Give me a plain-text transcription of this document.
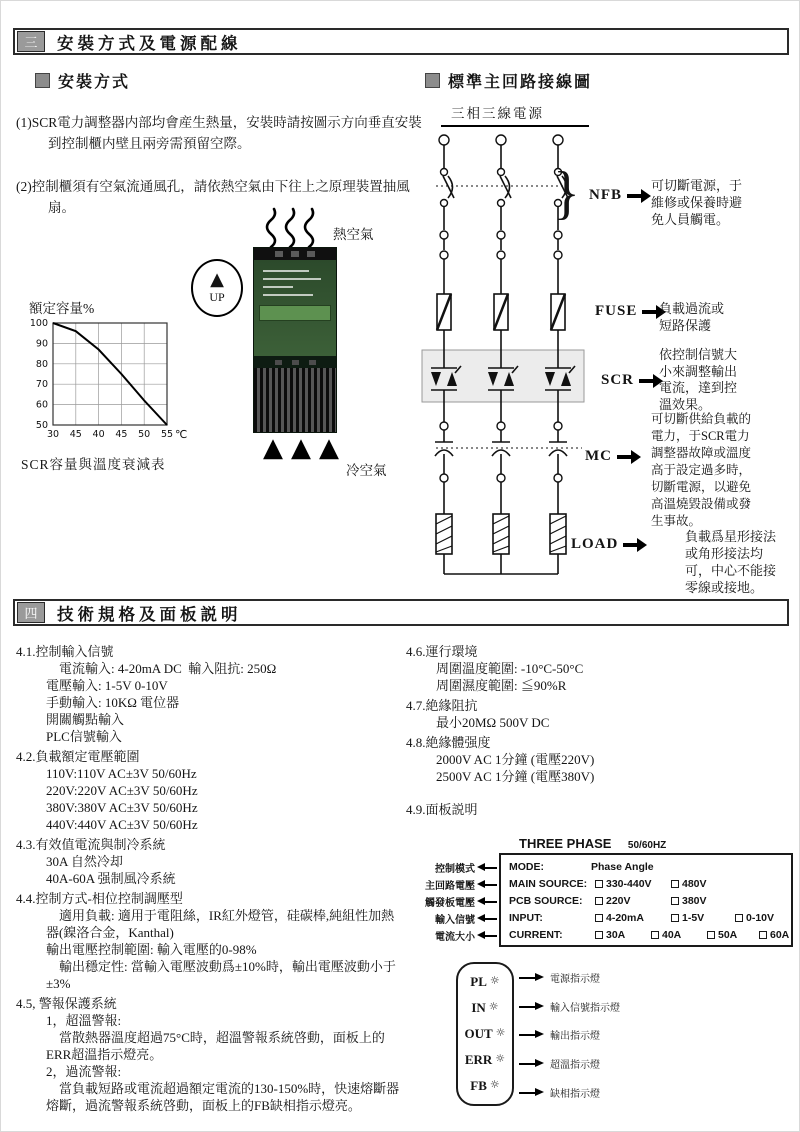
三	安裝方式及電源配線
安裝方式	標準主回路接線圖
(1)SCR電力調整器内部均會産生熱量，安裝時請按圖示方向垂直安裝到控制櫃内壁且兩旁需預留空際。
(2)控制櫃須有空氣流通風孔，請依熱空氣由下往上之原理裝置抽風扇。
熱空氣
▲
UP
▲▲▲
冷空氣
額定容量%
50
60
70
80
90
100
30 45 40 45 50 55 ℃
SCR容量與溫度衰減表
三相三線電源
} NFB
可切斷電源，于維修或保養時避免人員觸電。
FUSE 負載過流或短路保護
SCR
依控制信號大小來調整輸出電流，達到控溫效果。
MC
可切斷供給負載的電力，于SCR電力調整器故障或溫度高于設定過多時，切斷電源，以避免高溫燒毀設備或發生事故。
LOAD	負載爲星形接法或角形接法均可，中心不能接零線或接地。
四	技術規格及面板説明
4.1.控制輸入信號
電流輸入: 4-20mA DC  輸入阻抗: 250Ω
電壓輸入: 1-5V 0-10V
手動輸入: 10KΩ 電位器
開關觸點輸入
PLC信號輸入
4.2.負載額定電壓範圍
110V:110V AC±3V 50/60Hz
220V:220V AC±3V 50/60Hz
380V:380V AC±3V 50/60Hz
440V:440V AC±3V 50/60Hz
4.3.有效值電流與制冷系統
30A 自然冷却
40A-60A 强制風冷系統
4.4.控制方式-相位控制調壓型
適用負載: 適用于電阻絲，IR紅外燈管，硅碳棒,純組性加熱器(鎳洛合金，Kanthal)
輸出電壓控制範圍: 輸入電壓的0-98%
輸出穩定性: 當輸入電壓波動爲±10%時，輸出電壓波動小于±3%
4.5, 警報保護系統
1，超溫警報:
當散熱器溫度超過75°C時，超溫警報系統啓動，面板上的ERR超溫指示燈亮。
2，過流警報:
當負載短路或電流超過額定電流的130-150%時，快速熔斷器熔斷，過流警報系統啓動，面板上的FB缺相指示燈亮。
4.6.運行環境
周圍溫度範圍: -10°C-50°C
周圍濕度範圍: ≦90%R
4.7.絶緣阻抗
最小20MΩ 500V DC
4.8.絶緣體强度
2000V AC 1分鐘 (電壓220V)
2500V AC 1分鐘 (電壓380V)
4.9.面板説明
THREE PHASE 50/60HZ
MODE:	Phase Angle
MAIN SOURCE: 330-440V	480V
PCB SOURCE: 220V	380V
INPUT:	4-20mA	1-5V	0-10V
CURRENT:	30A	40A	50A	60A
控制模式
主回路電壓
觸發板電壓
輸入信號
電流大小
PL ☼
IN ☼
OUT ☼
ERR ☼
FB ☼
電源指示燈
輸入信號指示燈
輸出指示燈
超溫指示燈
缺相指示燈
